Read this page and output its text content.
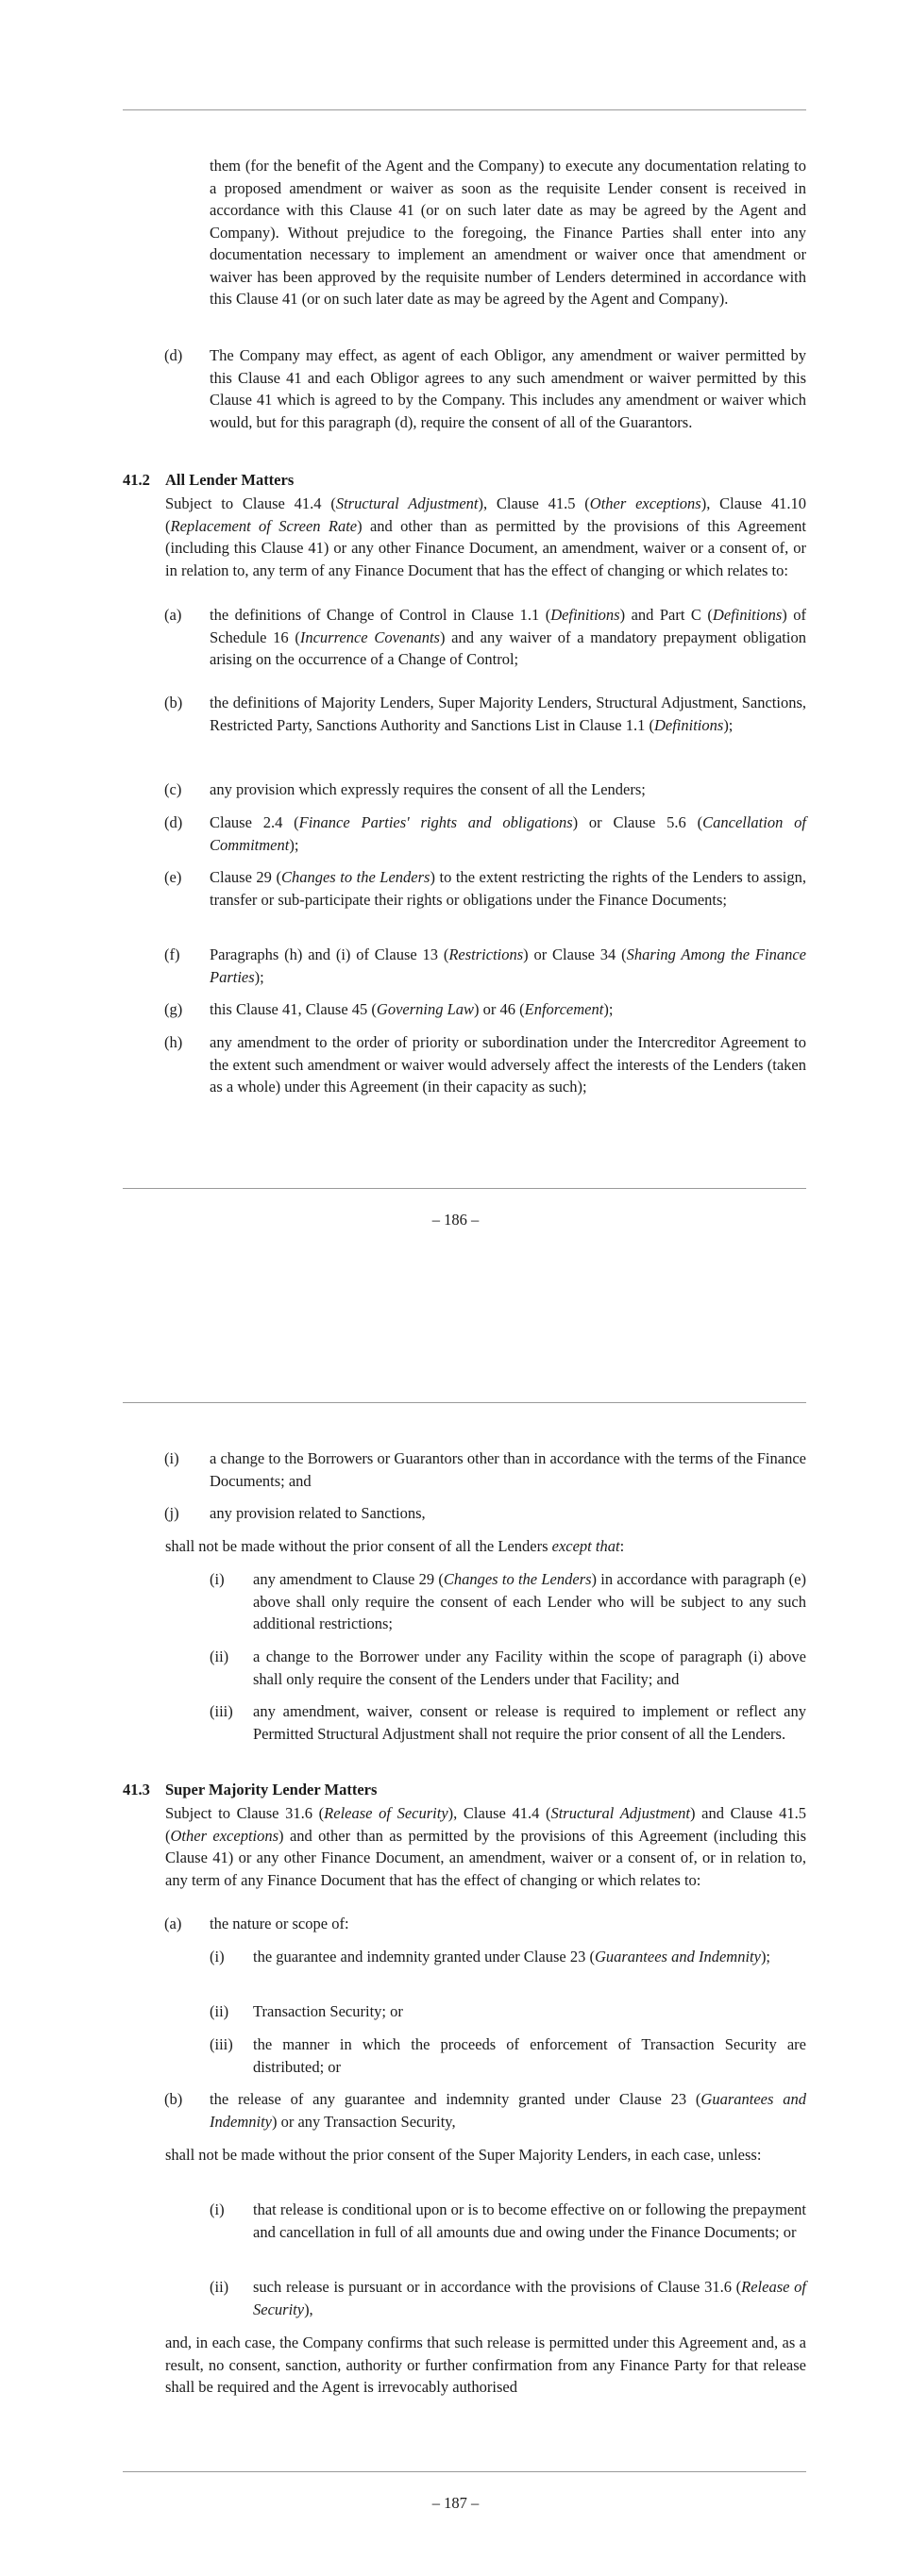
them (for the benefit of the Agent and the Company) to execute any documentation relating to a proposed amendment or waiver as soon as the requisite Lender consent is received in accordance with this Clause 41 (or on such later date as may be agreed by the Agent and Company). Without prejudice to the foregoing, the Finance Parties shall enter into any documentation necessary to implement an amendment or waiver once that amendment or waiver has been approved by the requisite number of Lenders determined in accordance with this Clause 41 (or on such later date as may be agreed by the Agent and Company).

(d) The Company may effect, as agent of each Obligor, any amendment or waiver permitted by this Clause 41 and each Obligor agrees to any such amendment or waiver permitted by this Clause 41 which is agreed to by the Company. This includes any amendment or waiver which would, but for this paragraph (d), require the consent of all of the Guarantors.

41.2 All Lender Matters

Subject to Clause 41.4 (Structural Adjustment), Clause 41.5 (Other exceptions), Clause 41.10 (Replacement of Screen Rate) and other than as permitted by the provisions of this Agreement (including this Clause 41) or any other Finance Document, an amendment, waiver or a consent of, or in relation to, any term of any Finance Document that has the effect of changing or which relates to:

(a) the definitions of Change of Control in Clause 1.1 (Definitions) and Part C (Definitions) of Schedule 16 (Incurrence Covenants) and any waiver of a mandatory prepayment obligation arising on the occurrence of a Change of Control;

(b) the definitions of Majority Lenders, Super Majority Lenders, Structural Adjustment, Sanctions, Restricted Party, Sanctions Authority and Sanctions List in Clause 1.1 (Definitions);

(c) any provision which expressly requires the consent of all the Lenders;

(d) Clause 2.4 (Finance Parties' rights and obligations) or Clause 5.6 (Cancellation of Commitment);

(e) Clause 29 (Changes to the Lenders) to the extent restricting the rights of the Lenders to assign, transfer or sub-participate their rights or obligations under the Finance Documents;

(f) Paragraphs (h) and (i) of Clause 13 (Restrictions) or Clause 34 (Sharing Among the Finance Parties);

(g) this Clause 41, Clause 45 (Governing Law) or 46 (Enforcement);

(h) any amendment to the order of priority or subordination under the Intercreditor Agreement to the extent such amendment or waiver would adversely affect the interests of the Lenders (taken as a whole) under this Agreement (in their capacity as such);

– 186 –
(i) a change to the Borrowers or Guarantors other than in accordance with the terms of the Finance Documents; and

(j) any provision related to Sanctions,

shall not be made without the prior consent of all the Lenders except that:

(i) any amendment to Clause 29 (Changes to the Lenders) in accordance with paragraph (e) above shall only require the consent of each Lender who will be subject to any such additional restrictions;

(ii) a change to the Borrower under any Facility within the scope of paragraph (i) above shall only require the consent of the Lenders under that Facility; and

(iii) any amendment, waiver, consent or release is required to implement or reflect any Permitted Structural Adjustment shall not require the prior consent of all the Lenders.

41.3 Super Majority Lender Matters

Subject to Clause 31.6 (Release of Security), Clause 41.4 (Structural Adjustment) and Clause 41.5 (Other exceptions) and other than as permitted by the provisions of this Agreement (including this Clause 41) or any other Finance Document, an amendment, waiver or a consent of, or in relation to, any term of any Finance Document that has the effect of changing or which relates to:

(a) the nature or scope of:

(i) the guarantee and indemnity granted under Clause 23 (Guarantees and Indemnity);

(ii) Transaction Security; or

(iii) the manner in which the proceeds of enforcement of Transaction Security are distributed; or

(b) the release of any guarantee and indemnity granted under Clause 23 (Guarantees and Indemnity) or any Transaction Security,

shall not be made without the prior consent of the Super Majority Lenders, in each case, unless:

(i) that release is conditional upon or is to become effective on or following the prepayment and cancellation in full of all amounts due and owing under the Finance Documents; or

(ii) such release is pursuant or in accordance with the provisions of Clause 31.6 (Release of Security),

and, in each case, the Company confirms that such release is permitted under this Agreement and, as a result, no consent, sanction, authority or further confirmation from any Finance Party for that release shall be required and the Agent is irrevocably authorised

– 187 –
